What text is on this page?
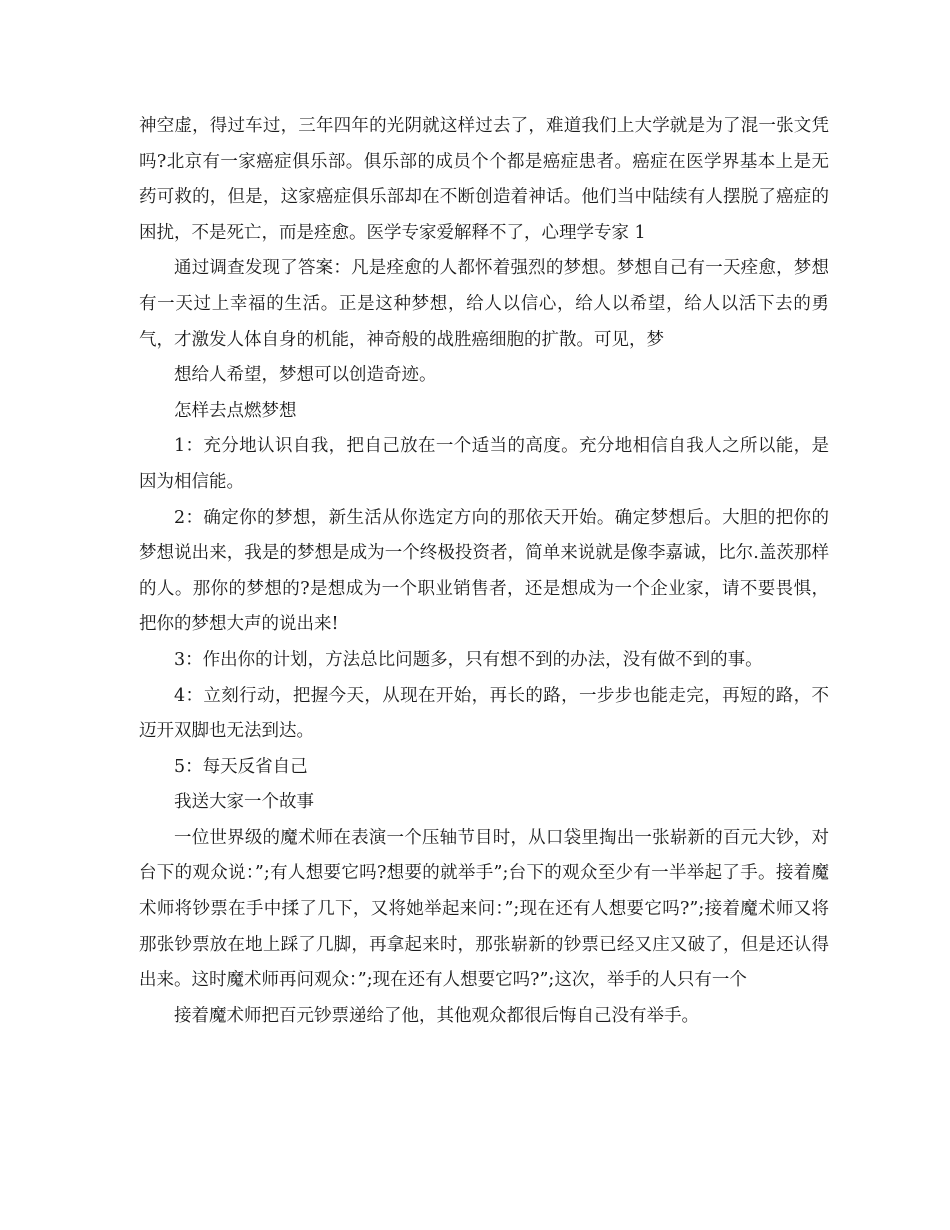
神空虚，得过车过，三年四年的光阴就这样过去了，难道我们上大学就是为了混一张文凭吗?北京有一家癌症俱乐部。俱乐部的成员个个都是癌症患者。癌症在医学界基本上是无药可救的，但是，这家癌症俱乐部却在不断创造着神话。他们当中陆续有人摆脱了癌症的困扰，不是死亡，而是痊愈。医学专家爱解释不了，心理学专家 1

通过调查发现了答案：凡是痊愈的人都怀着强烈的梦想。梦想自己有一天痊愈，梦想有一天过上幸福的生活。正是这种梦想，给人以信心，给人以希望，给人以活下去的勇气，才激发人体自身的机能，神奇般的战胜癌细胞的扩散。可见，梦

想给人希望，梦想可以创造奇迹。

怎样去点燃梦想

1：充分地认识自我，把自己放在一个适当的高度。充分地相信自我人之所以能，是因为相信能。

2：确定你的梦想，新生活从你选定方向的那依天开始。确定梦想后。大胆的把你的梦想说出来，我是的梦想是成为一个终极投资者，简单来说就是像李嘉诚，比尔.盖茨那样的人。那你的梦想的?是想成为一个职业销售者，还是想成为一个企业家，请不要畏惧，把你的梦想大声的说出来!

3：作出你的计划，方法总比问题多，只有想不到的办法，没有做不到的事。

4：立刻行动，把握今天，从现在开始，再长的路，一步步也能走完，再短的路，不迈开双脚也无法到达。

5：每天反省自己

我送大家一个故事

一位世界级的魔术师在表演一个压轴节目时，从口袋里掏出一张崭新的百元大钞，对台下的观众说：”;有人想要它吗?想要的就举手”;台下的观众至少有一半举起了手。接着魔术师将钞票在手中揉了几下，又将她举起来问：”;现在还有人想要它吗?”;接着魔术师又将那张钞票放在地上踩了几脚，再拿起来时，那张崭新的钞票已经又庄又破了，但是还认得出来。这时魔术师再问观众：”;现在还有人想要它吗?”;这次，举手的人只有一个

接着魔术师把百元钞票递给了他，其他观众都很后悔自己没有举手。
